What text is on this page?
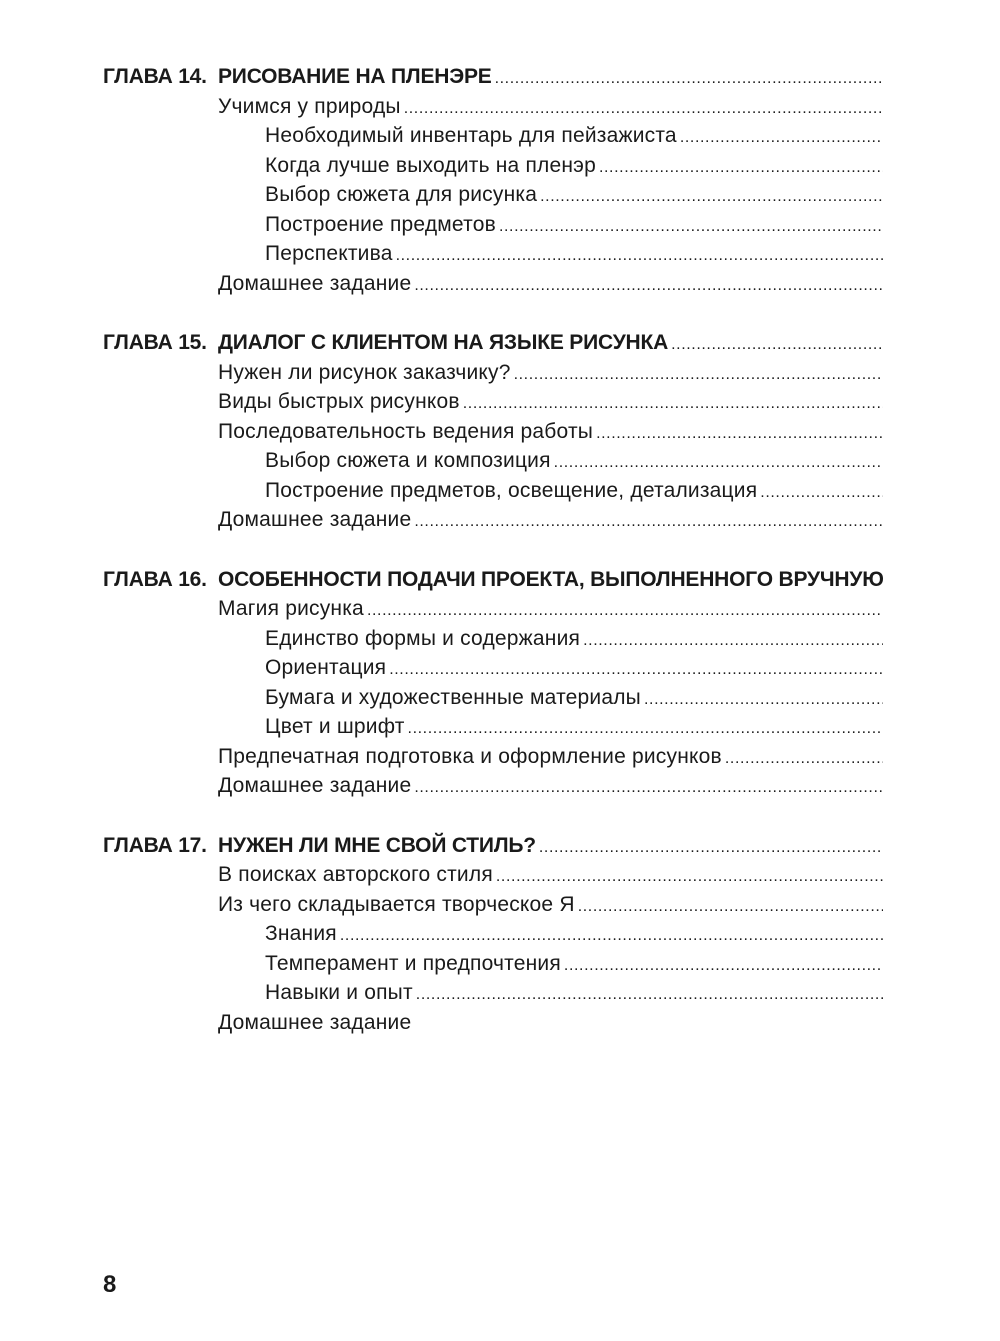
ГЛАВА 14. РИСОВАНИЕ НА ПЛЕНЭРЕ
.....
Учимся у природы
.....
Необходимый инвентарь для пейзажиста
.....
Когда лучше выходить на пленэр
.....
Выбор сюжета для рисунка
.....
Построение предметов
.....
Перспектива
.....
Домашнее задание
.....
ГЛАВА 15. ДИАЛОГ С КЛИЕНТОМ НА ЯЗЫКЕ РИСУНКА
.....
Нужен ли рисунок заказчику?
.....
Виды быстрых рисунков
.....
Последовательность ведения работы
.....
Выбор сюжета и композиция
.....
Построение предметов, освещение, детализация
.....
Домашнее задание
.....
ГЛАВА 16. ОСОБЕННОСТИ ПОДАЧИ ПРОЕКТА, ВЫПОЛНЕННОГО ВРУЧНУЮ
Магия рисунка
.....
Единство формы и содержания
.....
Ориентация
.....
Бумага и художественные материалы
.....
Цвет и шрифт
.....
Предпечатная подготовка и оформление рисунков
.....
Домашнее задание
.....
ГЛАВА 17. НУЖЕН ЛИ МНЕ СВОЙ СТИЛЬ?
.....
В поисках авторского стиля
.....
Из чего складывается творческое Я
.....
Знания
.....
Темперамент и предпочтения
.....
Навыки и опыт
.....
Домашнее задание
8
